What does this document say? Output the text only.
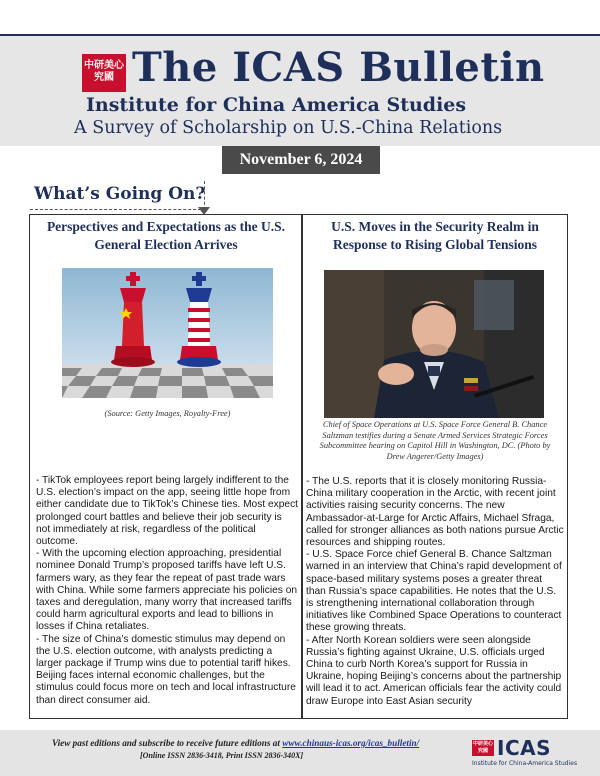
中研美心究國 The ICAS Bulletin
Institute for China America Studies
A Survey of Scholarship on U.S.-China Relations
November 6, 2024
What’s Going On?
Perspectives and Expectations as the U.S. General Election Arrives
(Source: Getty Images, Royalty-Free)

- TikTok employees report being largely indifferent to the U.S. election’s impact on the app, seeing little hope from either candidate due to TikTok’s Chinese ties. Most expect prolonged court battles and believe their job security is not immediately at risk, regardless of the political outcome.

- With the upcoming election approaching, presidential nominee Donald Trump’s proposed tariffs have left U.S. farmers wary, as they fear the repeat of past trade wars with China. While some farmers appreciate his policies on taxes and deregulation, many worry that increased tariffs could harm agricultural exports and lead to billions in losses if China retaliates.

- The size of China’s domestic stimulus may depend on the U.S. election outcome, with analysts predicting a larger package if Trump wins due to potential tariff hikes. Beijing faces internal economic challenges, but the stimulus could focus more on tech and local infrastructure than direct consumer aid.

U.S. Moves in the Security Realm in Response to Rising Global Tensions
Chief of Space Operations at U.S. Space Force General B. Chance Saltzman testifies during a Senate Armed Services Strategic Forces Subcommittee hearing on Capitol Hill in Washington, DC. (Photo by Drew Angerer/Getty Images)

- The U.S. reports that it is closely monitoring Russia-China military cooperation in the Arctic, with recent joint activities raising security concerns. The new Ambassador-at-Large for Arctic Affairs, Michael Sfraga, called for stronger alliances as both nations pursue Arctic resources and shipping routes.

- U.S. Space Force chief General B. Chance Saltzman warned in an interview that China’s rapid development of space-based military systems poses a greater threat than Russia’s space capabilities. He notes that the U.S. is strengthening international collaboration through initiatives like Combined Space Operations to counteract these growing threats.

- After North Korean soldiers were seen alongside Russia’s fighting against Ukraine, U.S. officials urged China to curb North Korea’s support for Russia in Ukraine, hoping Beijing’s concerns about the partnership will lead it to act. American officials fear the activity could draw Europe into East Asian security

View past editions and subscribe to receive future editions at www.chinaus-icas.org/icas_bulletin/
[Online ISSN 2836-3418, Print ISSN 2836-340X]
中研美心究國 ICAS
Institute for China-America Studies
